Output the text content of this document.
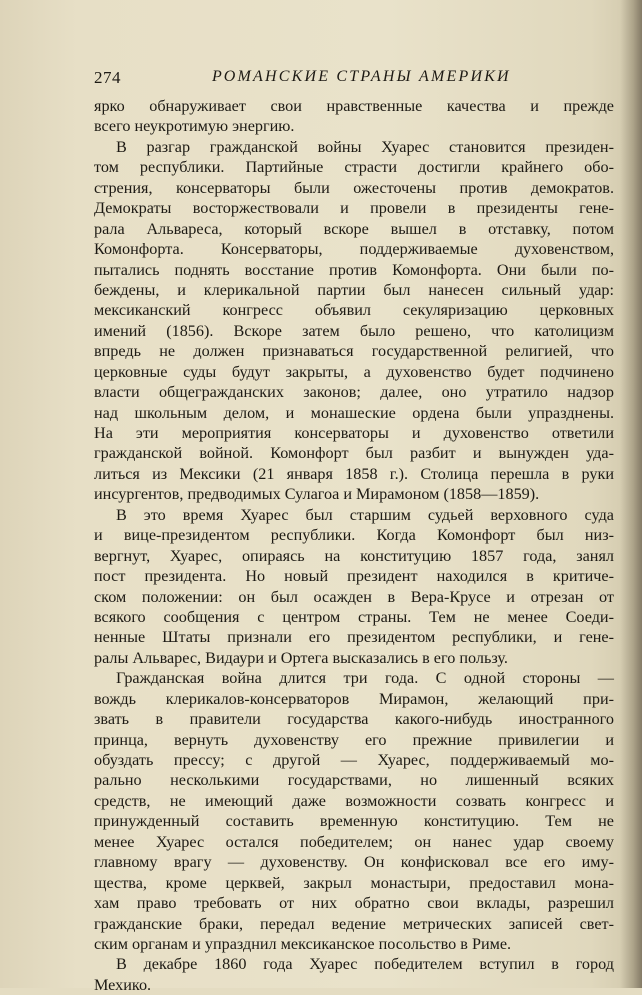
274	РОМАНСКИЕ СТРАНЫ АМЕРИКИ
ярко обнаруживает свои нравственные качества и прежде
всего неукротимую энергию.
В разгар гражданской войны Хуарес становится президен-
том республики. Партийные страсти достигли крайнего обо-
стрения, консерваторы были ожесточены против демократов.
Демократы восторжествовали и провели в президенты гене-
рала Альвареса, который вскоре вышел в отставку, потом
Комонфорта. Консерваторы, поддерживаемые духовенством,
пытались поднять восстание против Комонфорта. Они были по-
беждены, и клерикальной партии был нанесен сильный удар:
мексиканский конгресс объявил секуляризацию церковных
имений (1856). Вскоре затем было решено, что католицизм
впредь не должен признаваться государственной религией, что
церковные суды будут закрыты, а духовенство будет подчинено
власти общегражданских законов; далее, оно утратило надзор
над школьным делом, и монашеские ордена были упразднены.
На эти мероприятия консерваторы и духовенство ответили
гражданской войной. Комонфорт был разбит и вынужден уда-
литься из Мексики (21 января 1858 г.). Столица перешла в руки
инсургентов, предводимых Сулагоа и Мирамоном (1858—1859).
В это время Хуарес был старшим судьей верховного суда
и вице-президентом республики. Когда Комонфорт был низ-
вергнут, Хуарес, опираясь на конституцию 1857 года, занял
пост президента. Но новый президент находился в критиче-
ском положении: он был осажден в Вера-Крусе и отрезан от
всякого сообщения с центром страны. Тем не менее Соеди-
ненные Штаты признали его президентом республики, и гене-
ралы Альварес, Видаури и Ортега высказались в его пользу.
Гражданская война длится три года. С одной стороны —
вождь клерикалов-консерваторов Мирамон, желающий при-
звать в правители государства какого-нибудь иностранного
принца, вернуть духовенству его прежние привилегии и
обуздать прессу; с другой — Хуарес, поддерживаемый мо-
рально несколькими государствами, но лишенный всяких
средств, не имеющий даже возможности созвать конгресс и
принужденный составить временную конституцию. Тем не
менее Хуарес остался победителем; он нанес удар своему
главному врагу — духовенству. Он конфисковал все его иму-
щества, кроме церквей, закрыл монастыри, предоставил мона-
хам право требовать от них обратно свои вклады, разрешил
гражданские браки, передал ведение метрических записей свет-
ским органам и упразднил мексиканское посольство в Риме.
В декабре 1860 года Хуарес победителем вступил в город
Мехико.
